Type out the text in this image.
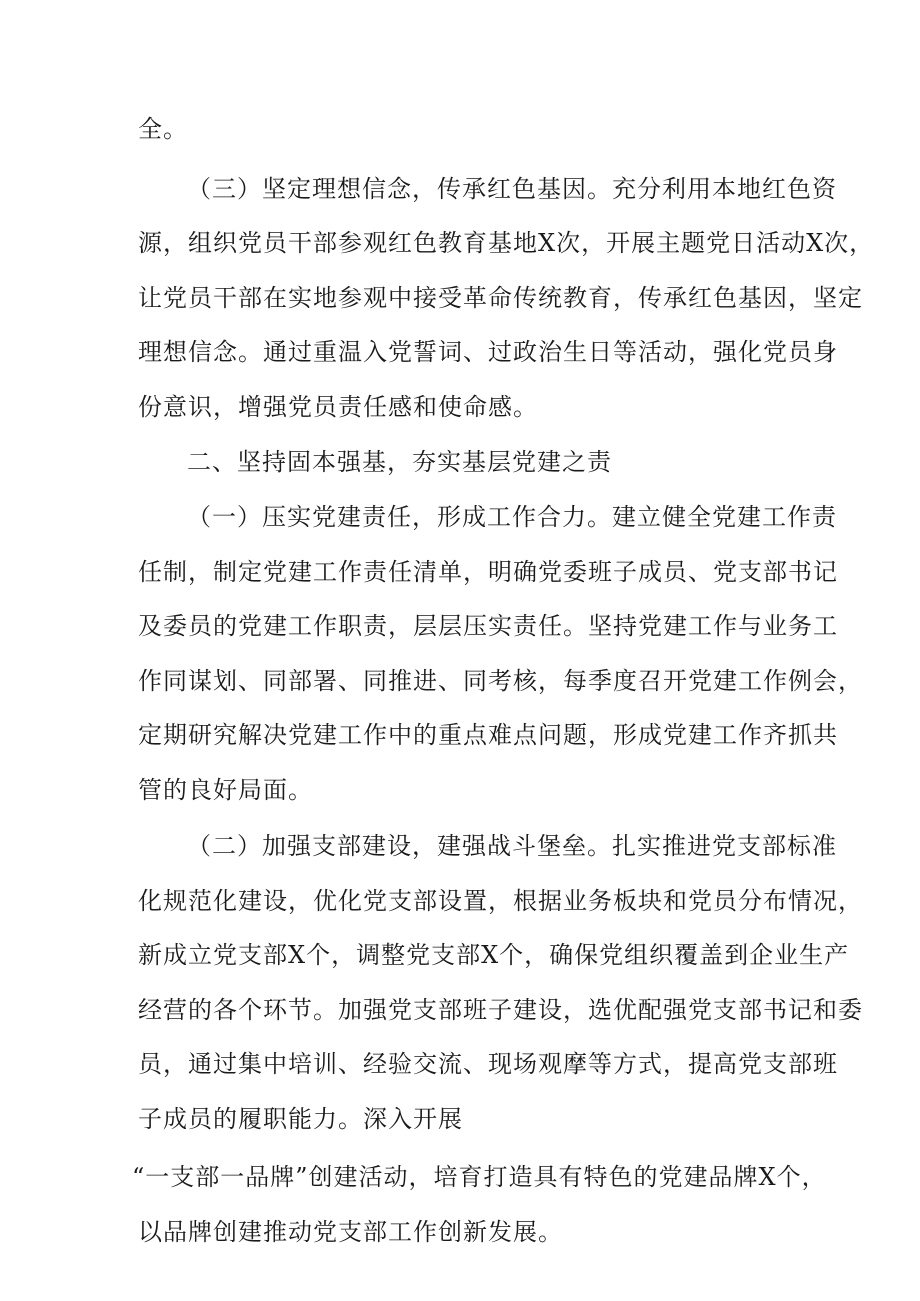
全。
（三）坚定理想信念，传承红色基因。充分利用本地红色资
源，组织党员干部参观红色教育基地X次，开展主题党日活动X次，
让党员干部在实地参观中接受革命传统教育，传承红色基因，坚定
理想信念。通过重温入党誓词、过政治生日等活动，强化党员身
份意识，增强党员责任感和使命感。
二、坚持固本强基，夯实基层党建之责
（一）压实党建责任，形成工作合力。建立健全党建工作责
任制，制定党建工作责任清单，明确党委班子成员、党支部书记
及委员的党建工作职责，层层压实责任。坚持党建工作与业务工
作同谋划、同部署、同推进、同考核，每季度召开党建工作例会，
定期研究解决党建工作中的重点难点问题，形成党建工作齐抓共
管的良好局面。
（二）加强支部建设，建强战斗堡垒。扎实推进党支部标准
化规范化建设，优化党支部设置，根据业务板块和党员分布情况，
新成立党支部X个，调整党支部X个，确保党组织覆盖到企业生产
经营的各个环节。加强党支部班子建设，选优配强党支部书记和委
员，通过集中培训、经验交流、现场观摩等方式，提高党支部班
子成员的履职能力。深入开展
“一支部一品牌”创建活动，培育打造具有特色的党建品牌X个，
以品牌创建推动党支部工作创新发展。
